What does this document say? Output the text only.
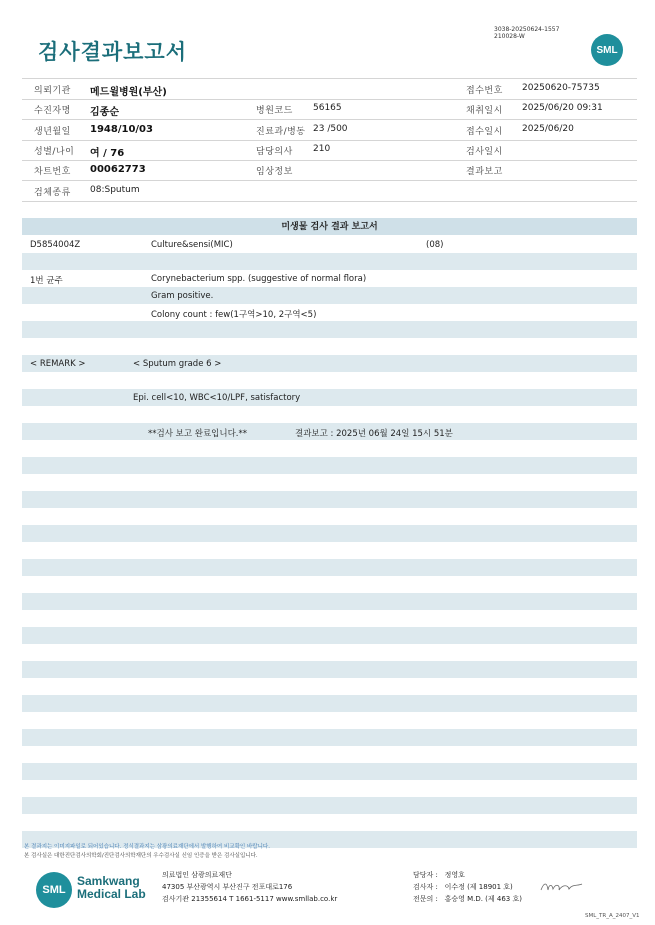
검사결과보고서
3038-20250624-1557
210028-W
SML
의뢰기관 메드윌병원(부산)	접수번호 20250620-75735
수진자명 김종순	병원코드 56165	채취일시 2025/06/20 09:31
생년월일 1948/10/03	진료과/병동 23 /500	접수일시 2025/06/20
성별/나이 여 / 76	담당의사 210	검사일시
차트번호 00062773	임상정보	결과보고
검체종류 08:Sputum
미생물 검사 결과 보고서
D5854004Z	Culture&sensi(MIC)	(08)
1번 균주	Corynebacterium spp. (suggestive of normal flora)
Gram positive.
Colony count : few(1구역>10, 2구역<5)
< REMARK >	< Sputum grade 6 >
Epi. cell<10, WBC<10/LPF, satisfactory
**검사 보고 완료입니다.**	결과보고 : 2025년 06월 24일 15시 51분
본 결과지는 이미지파일로 되어있습니다. 정식결과지는 삼광의료재단에서 발행하여 비교확인 바랍니다.
본 검사실은 대한진단검사의학회/진단검사의학재단의 우수검사실 신임 인증을 받은 검사실입니다.
SML
Samkwang
Medical Lab
의료법인 삼광의료재단
47305 부산광역시 부산진구 전포대로176
검사기관 21355614 T 1661-5117 www.smllab.co.kr
담당자 : 정영호
검사자 : 이수정 (제 18901 호)
전문의 : 홍승영 M.D. (제 463 호)
SML_TR_A_2407_V1
